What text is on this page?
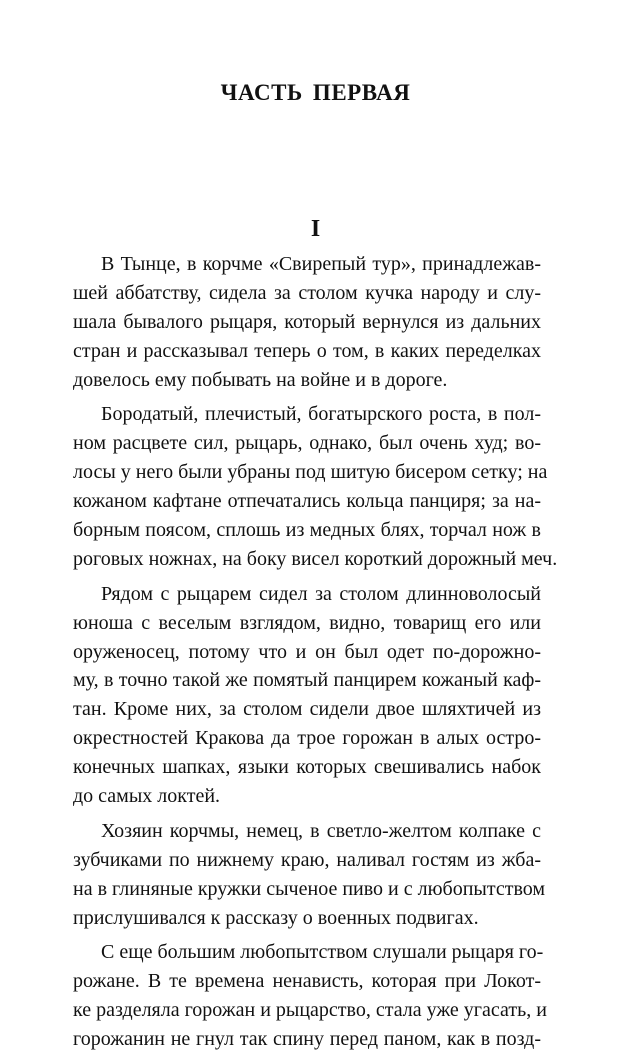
ЧАСТЬ ПЕРВАЯ
I
В Тынце, в корчме «Свирепый тур», принадлежав-
шей аббатству, сидела за столом кучка народу и слу-
шала бывалого рыцаря, который вернулся из дальних
стран и рассказывал теперь о том, в каких переделках
довелось ему побывать на войне и в дороге.
Бородатый, плечистый, богатырского роста, в пол-
ном расцвете сил, рыцарь, однако, был очень худ; во-
лосы у него были убраны под шитую бисером сетку; на
кожаном кафтане отпечатались кольца панциря; за на-
борным поясом, сплошь из медных блях, торчал нож в
роговых ножнах, на боку висел короткий дорожный меч.
Рядом с рыцарем сидел за столом длинноволосый
юноша с веселым взглядом, видно, товарищ его или
оруженосец, потому что и он был одет по-дорожно-
му, в точно такой же помятый панцирем кожаный каф-
тан. Кроме них, за столом сидели двое шляхтичей из
окрестностей Кракова да трое горожан в алых остро-
конечных шапках, языки которых свешивались набок
до самых локтей.
Хозяин корчмы, немец, в светло-желтом колпаке с
зубчиками по нижнему краю, наливал гостям из жба-
на в глиняные кружки сыченое пиво и с любопытством
прислушивался к рассказу о военных подвигах.
С еще большим любопытством слушали рыцаря го-
рожане. В те времена ненависть, которая при Локот-
ке разделяла горожан и рыцарство, стала уже угасать, и
горожанин не гнул так спину перед паном, как в позд-
